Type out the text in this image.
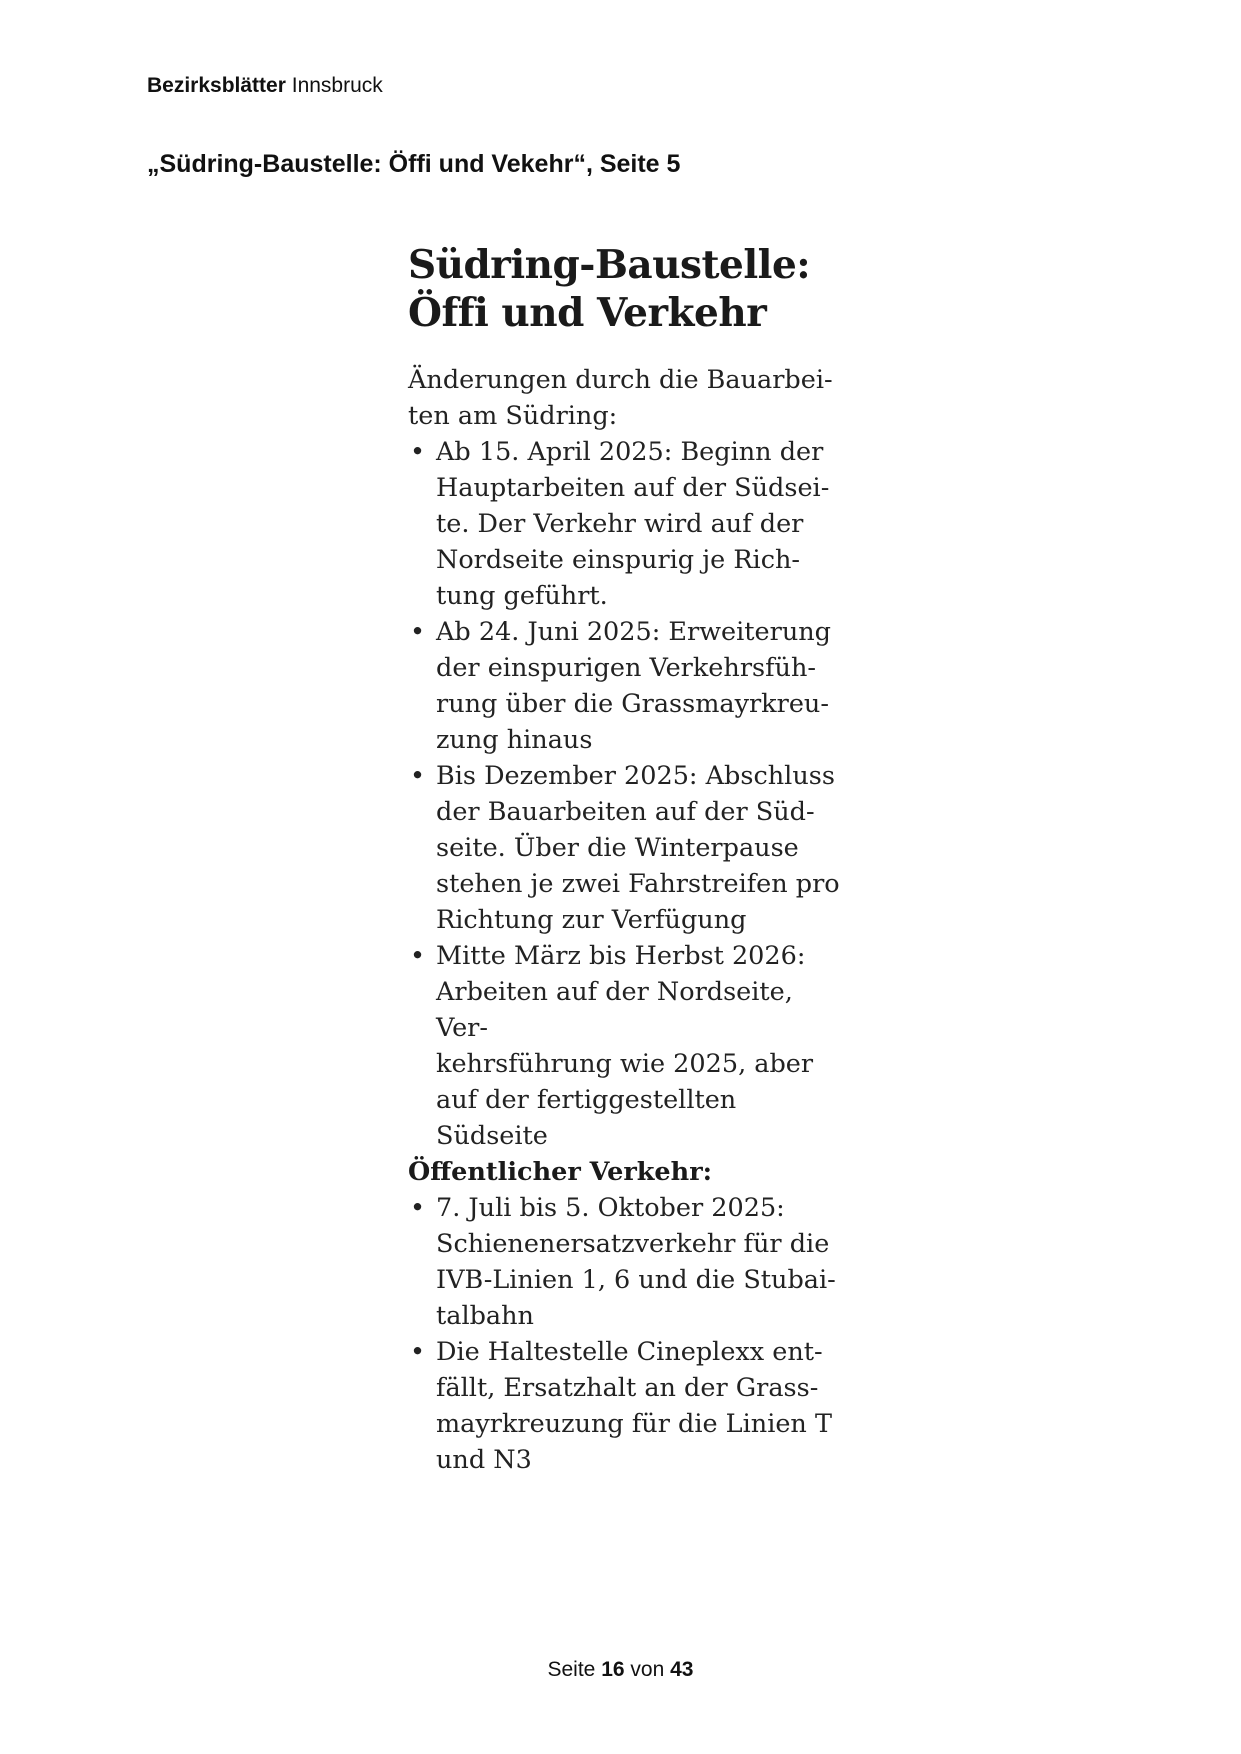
Bezirksblätter Innsbruck
„Südring-Baustelle: Öffi und Vekehr“, Seite 5
Südring-Baustelle:
Öffi und Verkehr
Änderungen durch die Bauarbei-
ten am Südring:
• Ab 15. April 2025: Beginn der
Hauptarbeiten auf der Südsei-
te. Der Verkehr wird auf der
Nordseite einspurig je Rich-
tung geführt.
• Ab 24. Juni 2025: Erweiterung
der einspurigen Verkehrsfüh-
rung über die Grassmayrkreu-
zung hinaus
• Bis Dezember 2025: Abschluss
der Bauarbeiten auf der Süd-
seite. Über die Winterpause
stehen je zwei Fahrstreifen pro
Richtung zur Verfügung
• Mitte März bis Herbst 2026:
Arbeiten auf der Nordseite, Ver-
kehrsführung wie 2025, aber
auf der fertiggestellten Südseite
Öffentlicher Verkehr:
• 7. Juli bis 5. Oktober 2025:
Schienenersatzverkehr für die
IVB-Linien 1, 6 und die Stubai-
talbahn
• Die Haltestelle Cineplexx ent-
fällt, Ersatzhalt an der Grass-
mayrkreuzung für die Linien T
und N3
Seite 16 von 43
